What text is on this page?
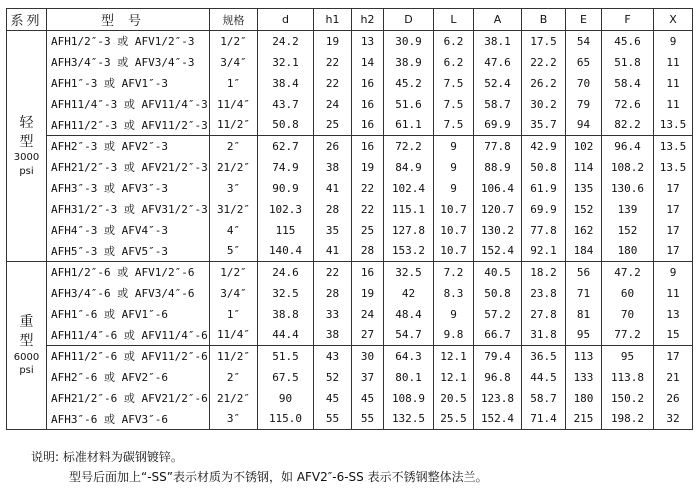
系列	型号	规格	d	h1	h2	D	L	A	B	E	F	X

轻
型
3000
psi	AFH1/2″-3 或 AFV1/2″-3	1/2″	24.2	19	13	30.9	6.2	38.1	17.5	54	45.6	9
	AFH3/4″-3 或 AFV3/4″-3	3/4″	32.1	22	14	38.9	6.2	47.6	22.2	65	51.8	11
	AFH1″-3 或 AFV1″-3	1″	38.4	22	16	45.2	7.5	52.4	26.2	70	58.4	11
	AFH11/4″-3 或 AFV11/4″-3	11/4″	43.7	24	16	51.6	7.5	58.7	30.2	79	72.6	11
	AFH11/2″-3 或 AFV11/2″-3	11/2″	50.8	25	16	61.1	7.5	69.9	35.7	94	82.2	13.5
	AFH2″-3 或 AFV2″-3	2″	62.7	26	16	72.2	9	77.8	42.9	102	96.4	13.5
	AFH21/2″-3 或 AFV21/2″-3	21/2″	74.9	38	19	84.9	9	88.9	50.8	114	108.2	13.5
	AFH3″-3 或 AFV3″-3	3″	90.9	41	22	102.4	9	106.4	61.9	135	130.6	17
	AFH31/2″-3 或 AFV31/2″-3	31/2″	102.3	28	22	115.1	10.7	120.7	69.9	152	139	17
	AFH4″-3 或 AFV4″-3	4″	115	35	25	127.8	10.7	130.2	77.8	162	152	17
	AFH5″-3 或 AFV5″-3	5″	140.4	41	28	153.2	10.7	152.4	92.1	184	180	17

重
型
6000
psi	AFH1/2″-6 或 AFV1/2″-6	1/2″	24.6	22	16	32.5	7.2	40.5	18.2	56	47.2	9
	AFH3/4″-6 或 AFV3/4″-6	3/4″	32.5	28	19	42	8.3	50.8	23.8	71	60	11
	AFH1″-6 或 AFV1″-6	1″	38.8	33	24	48.4	9	57.2	27.8	81	70	13
	AFH11/4″-6 或 AFV11/4″-6	11/4″	44.4	38	27	54.7	9.8	66.7	31.8	95	77.2	15
	AFH11/2″-6 或 AFV11/2″-6	11/2″	51.5	43	30	64.3	12.1	79.4	36.5	113	95	17
	AFH2″-6 或 AFV2″-6	2″	67.5	52	37	80.1	12.1	96.8	44.5	133	113.8	21
	AFH21/2″-6 或 AFV21/2″-6	21/2″	90	45	45	108.9	20.5	123.8	58.7	180	150.2	26
	AFH3″-6 或 AFV3″-6	3″	115.0	55	55	132.5	25.5	152.4	71.4	215	198.2	32
说明: 标准材料为碳钢镀锌。
型号后面加上“-SS”表示材质为不锈钢，如 AFV2″-6-SS 表示不锈钢整体法兰。
